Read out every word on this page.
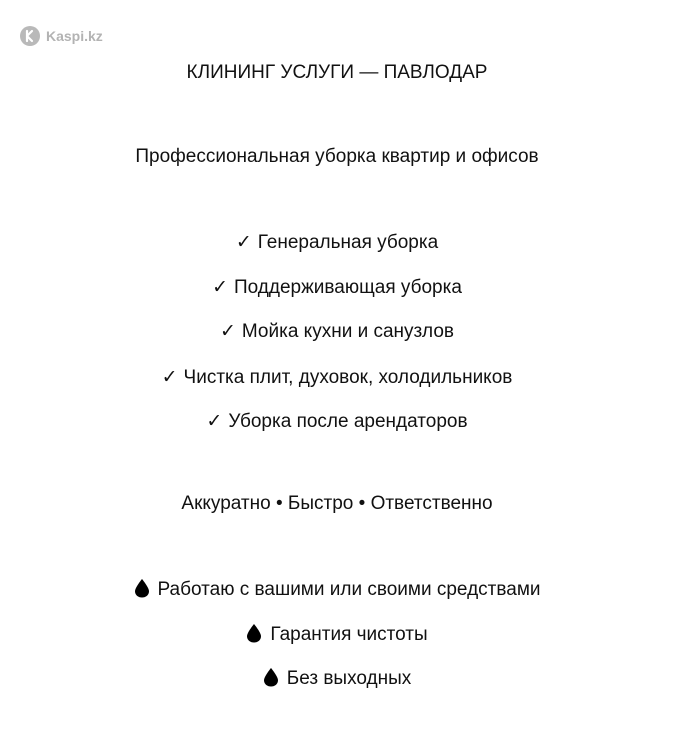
Kaspi.kz
КЛИНИНГ УСЛУГИ — ПАВЛОДАР
Профессиональная уборка квартир и офисов
✓ Генеральная уборка
✓ Поддерживающая уборка
✓ Мойка кухни и санузлов
✓ Чистка плит, духовок, холодильников
✓ Уборка после арендаторов
Аккуратно • Быстро • Ответственно
Работаю с вашими или своими средствами
Гарантия чистоты
Без выходных
